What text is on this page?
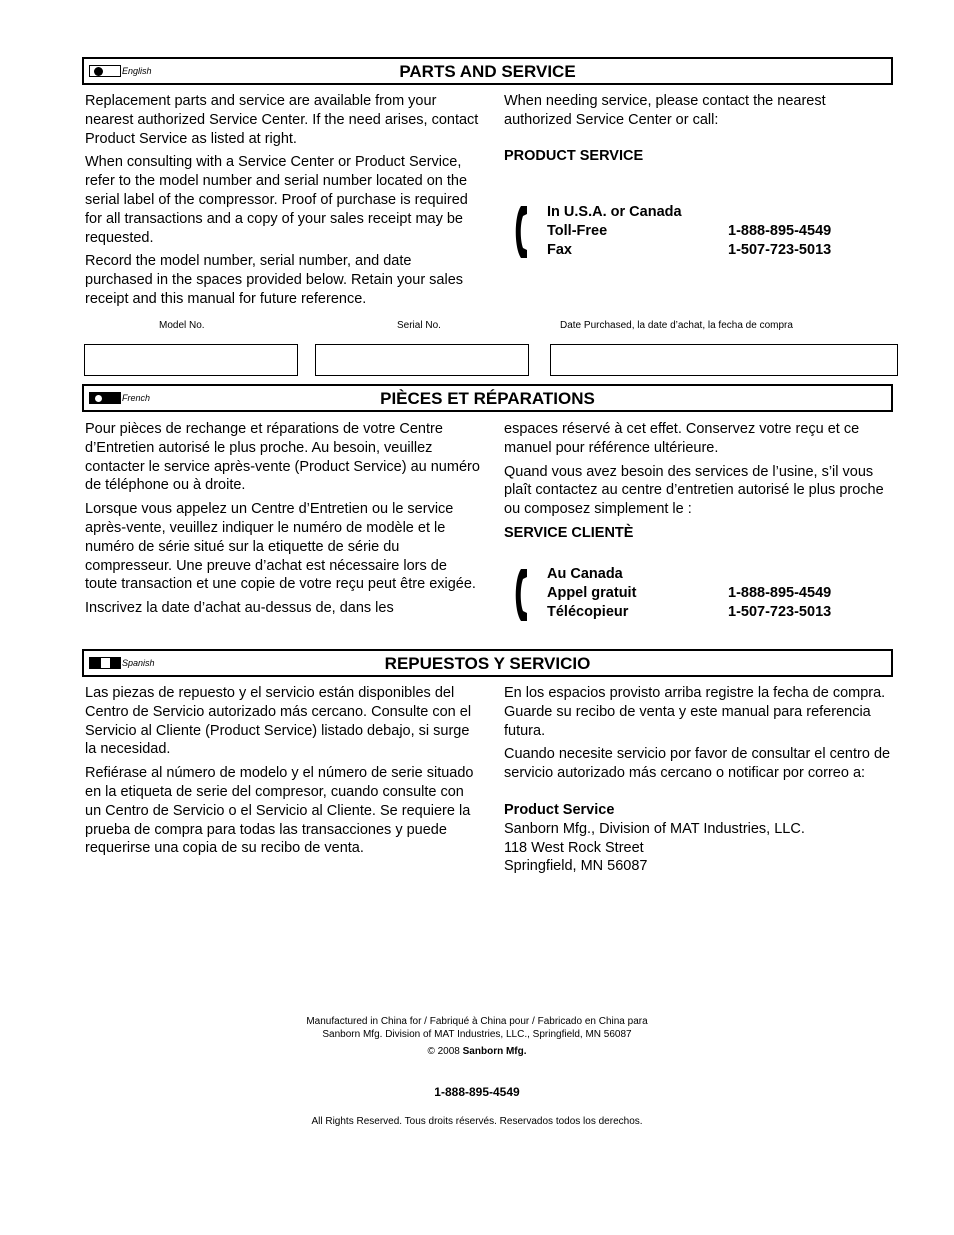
English	PARTS AND SERVICE

Replacement parts and service are available from your nearest authorized Service Center. If the need arises, contact Product Service as listed at right.

When consulting with a Service Center or Product Service, refer to the model number and serial number located on the serial label of the compressor. Proof of purchase is required for all transactions and a copy of your sales receipt may be requested.

Record the model number, serial number, and date purchased in the spaces provided below. Retain your sales receipt and this manual for future reference.

When needing service, please contact the nearest authorized Service Center or call:

PRODUCT SERVICE

In U.S.A. or Canada
Toll-Free	1-888-895-4549
Fax	1-507-723-5013
Model No.	Serial No.	Date Purchased, la date d’achat, la fecha de compra
French	PIÈCES ET RÉPARATIONS

Pour pièces de rechange et réparations de votre Centre d’Entretien autorisé le plus proche. Au besoin, veuillez contacter le service après-vente (Product Service) au numéro de téléphone ou à droite.

Lorsque vous appelez un Centre d’Entretien ou le service après-vente, veuillez indiquer le numéro de modèle et le numéro de série situé sur la etiquette de série du compresseur. Une preuve d’achat est nécessaire lors de toute transaction et une copie de votre reçu peut être exigée.

Inscrivez la date d’achat au-dessus de, dans les

espaces réservé à cet effet. Conservez votre reçu et ce manuel pour référence ultérieure.

Quand vous avez besoin des services de l’usine, s’il vous plaît contactez au centre d’entretien autorisé le plus proche ou composez simplement le :

SERVICE CLIENTÈ

Au Canada
Appel gratuit	1-888-895-4549
Télécopieur	1-507-723-5013
Spanish	REPUESTOS Y SERVICIO

Las piezas de repuesto y el servicio están disponibles del Centro de Servicio autorizado más cercano. Consulte con el Servicio al Cliente (Product Service) listado debajo, si surge la necesidad.

Refiérase al número de modelo y el número de serie situado en la etiqueta de serie del compresor, cuando consulte con un Centro de Servicio o el Servicio al Cliente. Se requiere la prueba de compra para todas las transacciones y puede requerirse una copia de su recibo de venta.

En los espacios provisto arriba registre la fecha de compra. Guarde su recibo de venta y este manual para referencia futura.

Cuando necesite servicio por favor de consultar el centro de servicio autorizado más cercano o notificar por correo a:

Product Service
Sanborn Mfg., Division of MAT Industries, LLC.
118 West Rock Street
Springfield, MN 56087
Manufactured in China for / Fabriqué à China pour / Fabricado en China para
Sanborn Mfg. Division of MAT Industries, LLC., Springfield, MN 56087
© 2008 Sanborn Mfg.
1-888-895-4549
All Rights Reserved. Tous droits réservés. Reservados todos los derechos.
